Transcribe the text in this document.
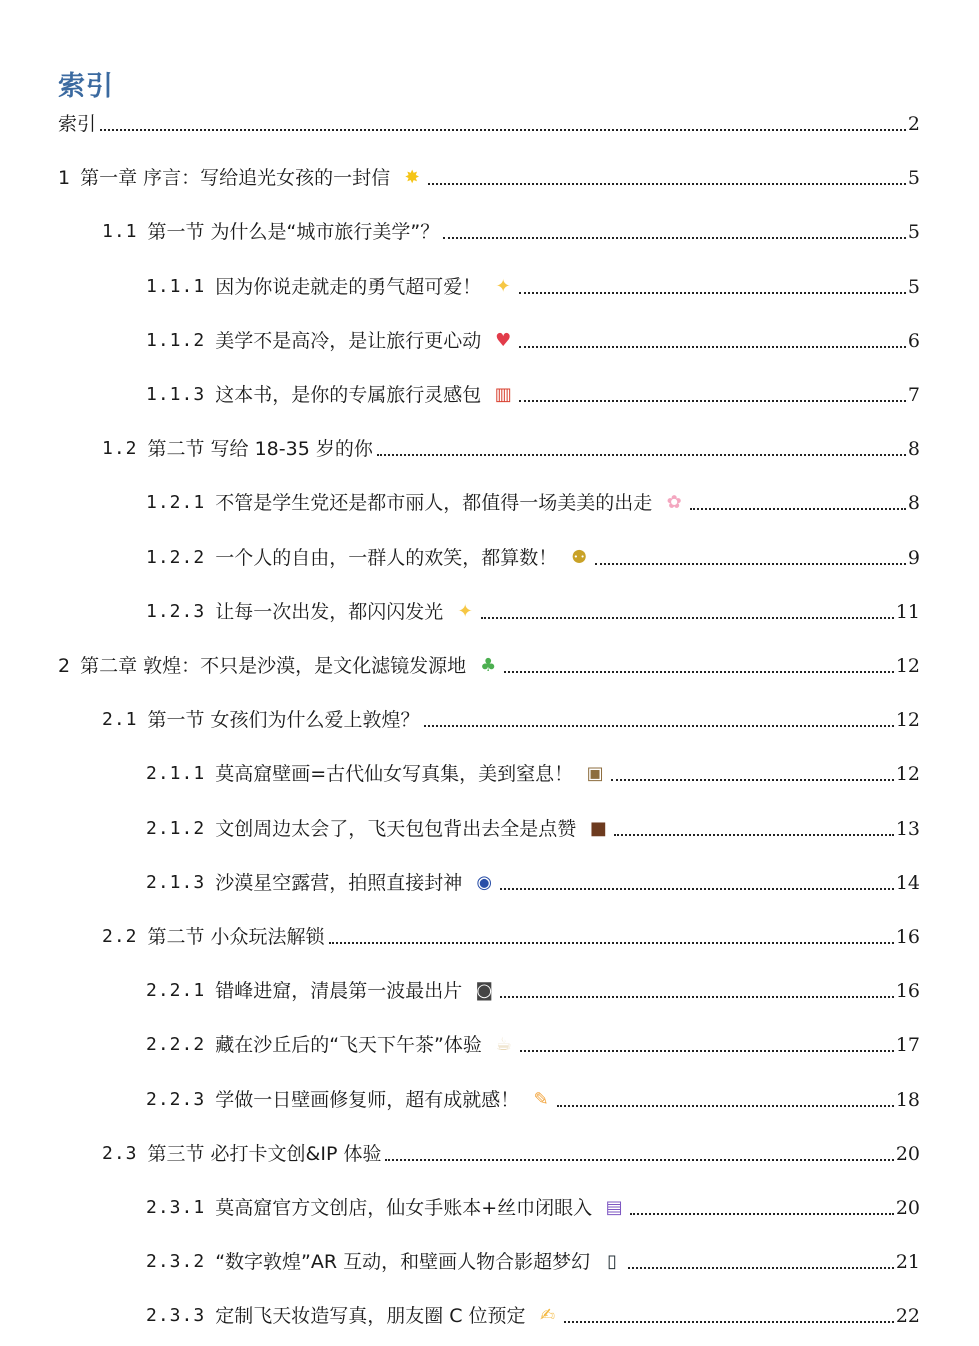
索引
索引	2
1 第一章 序言：写给追光女孩的一封信 ✸	5
1.1 第一节 为什么是“城市旅行美学”？	5
1.1.1 因为你说走就走的勇气超可爱！ ✦	5
1.1.2 美学不是高冷，是让旅行更心动 ♥	6
1.1.3 这本书，是你的专属旅行灵感包 ▥	7
1.2 第二节 写给 18-35 岁的你	8
1.2.1 不管是学生党还是都市丽人，都值得一场美美的出走 ✿	8
1.2.2 一个人的自由，一群人的欢笑，都算数！ ⚉	9
1.2.3 让每一次出发，都闪闪发光 ✦	11
2 第二章 敦煌：不只是沙漠，是文化滤镜发源地 ♣	12
2.1 第一节 女孩们为什么爱上敦煌？	12
2.1.1 莫高窟壁画=古代仙女写真集，美到窒息！ ▣	12
2.1.2 文创周边太会了，飞天包包背出去全是点赞 ■	13
2.1.3 沙漠星空露营，拍照直接封神 ◉	14
2.2 第二节 小众玩法解锁	16
2.2.1 错峰进窟，清晨第一波最出片 ◙	16
2.2.2 藏在沙丘后的“飞天下午茶”体验 ☕	17
2.2.3 学做一日壁画修复师，超有成就感！ ✎	18
2.3 第三节 必打卡文创&IP 体验	20
2.3.1 莫高窟官方文创店，仙女手账本+丝巾闭眼入 ▤	20
2.3.2 “数字敦煌”AR 互动，和壁画人物合影超梦幻 ▯	21
2.3.3 定制飞天妆造写真，朋友圈 C 位预定 ✍	22
